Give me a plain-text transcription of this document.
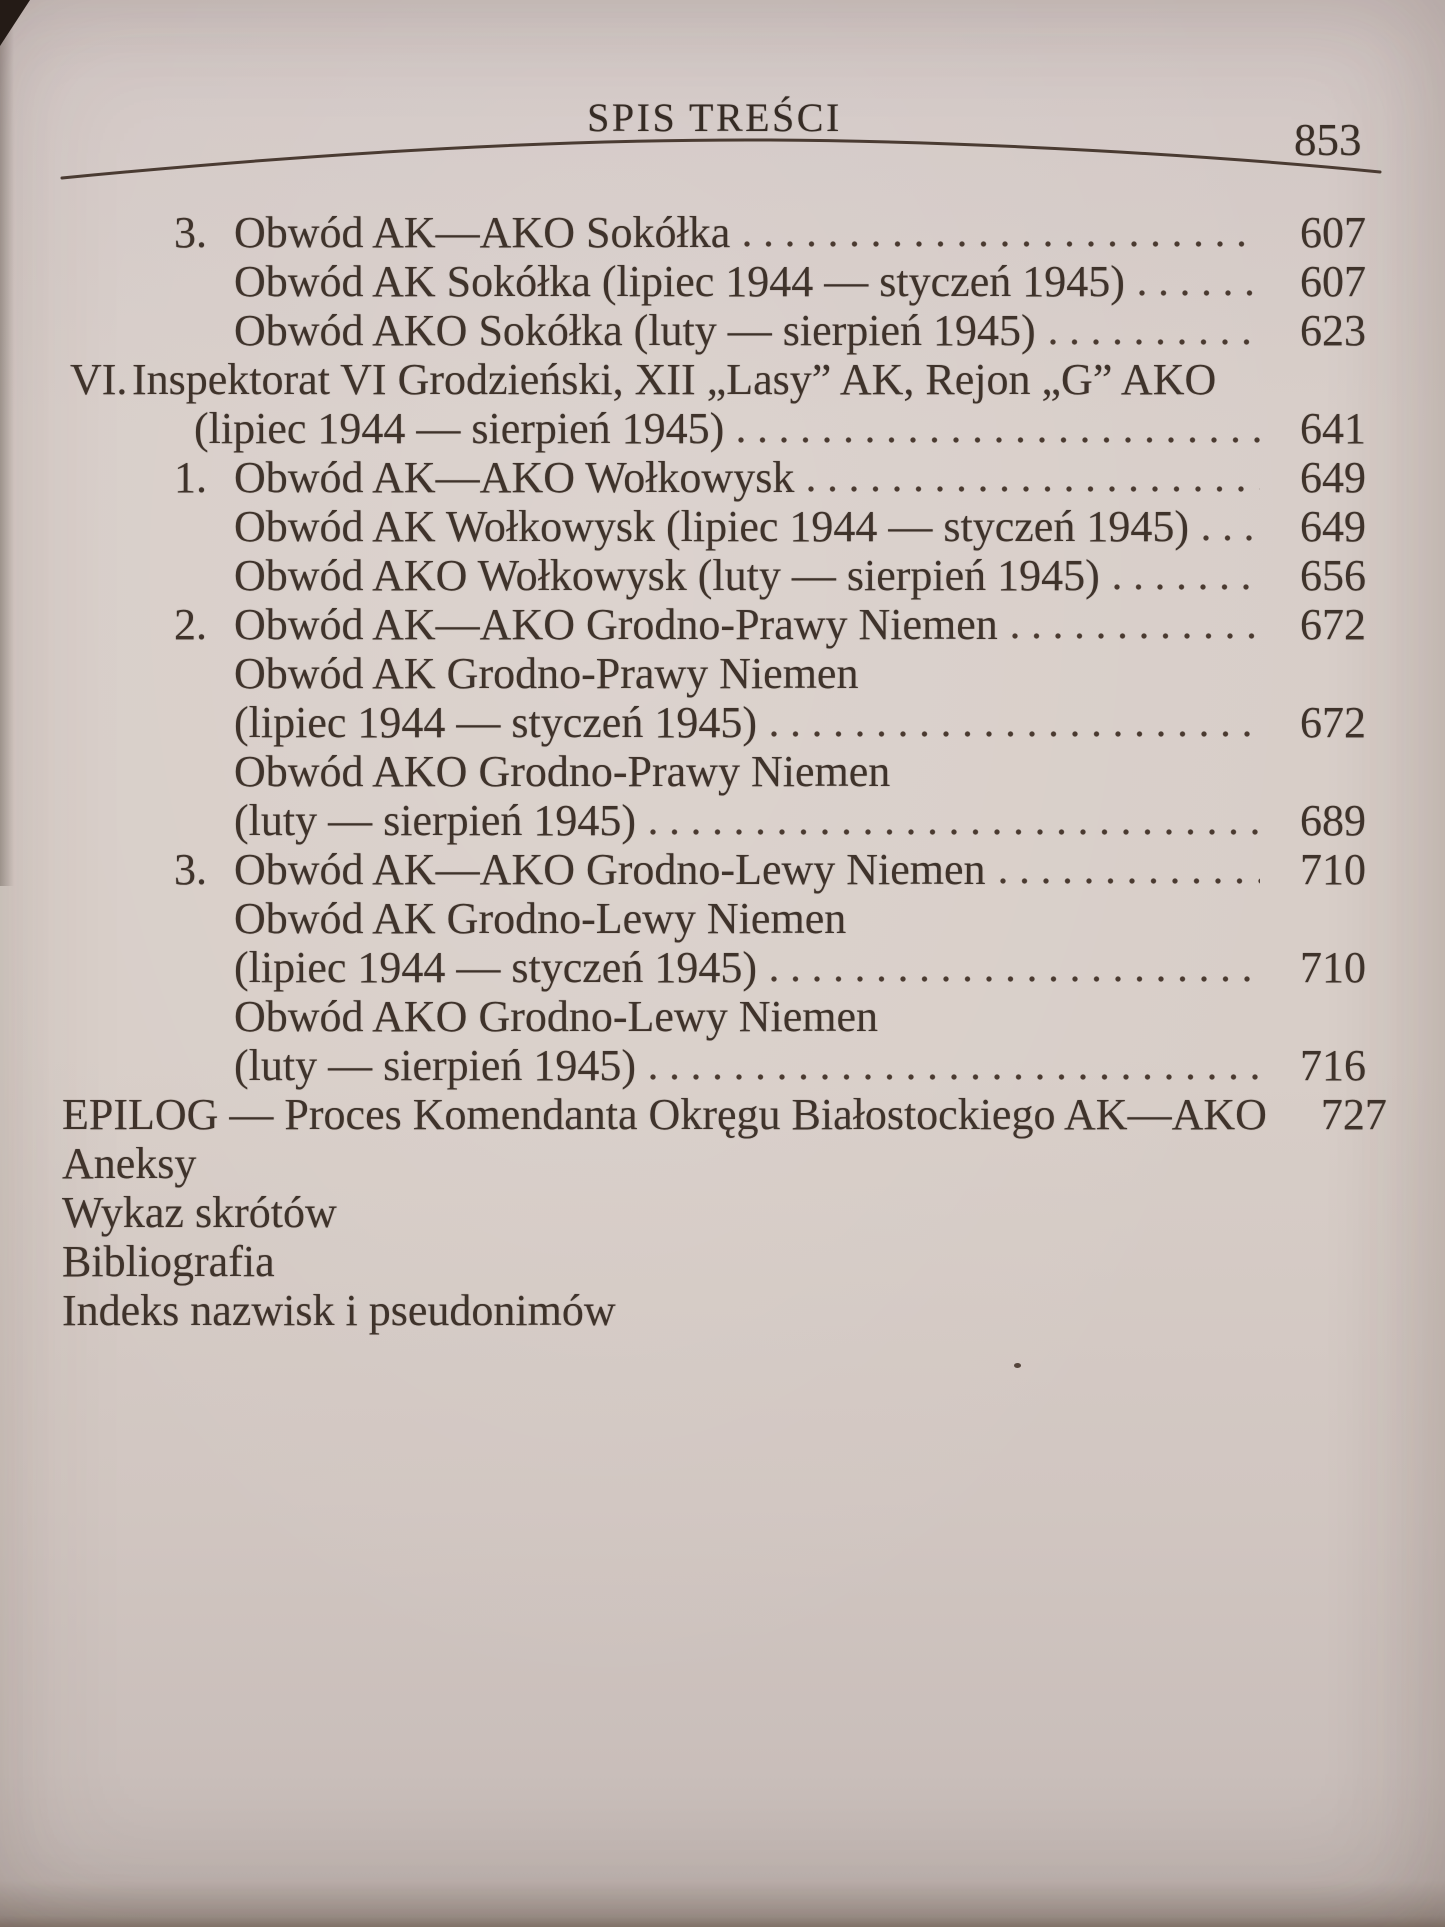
SPIS TREŚCI	853
3. Obwód AK—AKO Sokółka	607
Obwód AK Sokółka (lipiec 1944 — styczeń 1945)	607
Obwód AKO Sokółka (luty — sierpień 1945)	623
VI. Inspektorat VI Grodzieński, XII „Lasy” AK, Rejon „G” AKO
(lipiec 1944 — sierpień 1945)	641
1. Obwód AK—AKO Wołkowysk	649
Obwód AK Wołkowysk (lipiec 1944 — styczeń 1945)	649
Obwód AKO Wołkowysk (luty — sierpień 1945)	656
2. Obwód AK—AKO Grodno-Prawy Niemen	672
Obwód AK Grodno-Prawy Niemen
(lipiec 1944 — styczeń 1945)	672
Obwód AKO Grodno-Prawy Niemen
(luty — sierpień 1945)	689
3. Obwód AK—AKO Grodno-Lewy Niemen	710
Obwód AK Grodno-Lewy Niemen
(lipiec 1944 — styczeń 1945)	710
Obwód AKO Grodno-Lewy Niemen
(luty — sierpień 1945)	716
EPILOG — Proces Komendanta Okręgu Białostockiego AK—AKO 727
Aneksy
Wykaz skrótów
Bibliografia
Indeks nazwisk i pseudonimów
